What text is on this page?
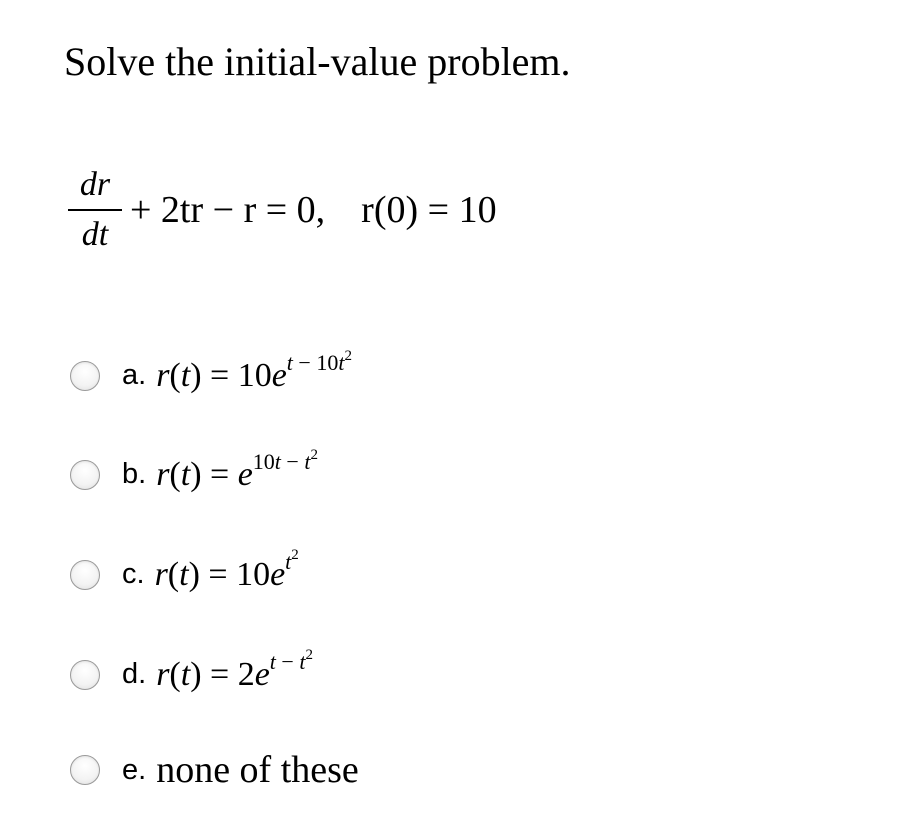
Solve the initial-value problem.
$\frac{dr}{dt} + 2tr - r = 0$, r(0) = 10
a. $r(t) = 10e^{t - 10t^2}$
b. $r(t) = e^{10t - t^2}$
c. $r(t) = 10e^{t^2}$
d. $r(t) = 2e^{t - t^2}$
e. none of these
